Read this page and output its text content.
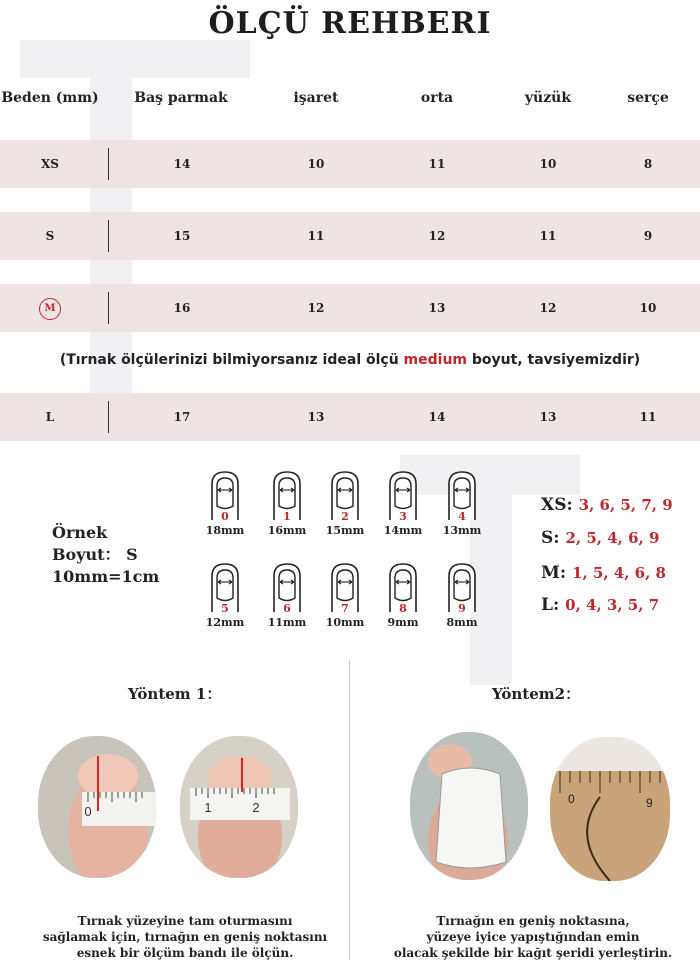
ÖLÇÜ REHBERI
Beden (mm)	Baş parmak	işaret	orta	yüzük	serçe
XS	14	10	11	10	8
S	15	11	12	11	9
M	16	12	13	12	10
(Tırnak ölçülerinizi bilmiyorsanız ideal ölçü medium boyut, tavsiyemizdir)
L	17	13	14	13	11
Örnek
Boyut： S
10mm=1cm
0
18mm
1
16mm
2
15mm
3
14mm
4
13mm
5
12mm
6
11mm
7
10mm
8
9mm
9
8mm
XS: 3, 6, 5, 7, 9
S: 2, 5, 4, 6, 9
M: 1, 5, 4, 6, 8
L: 0, 4, 3, 5, 7
Yöntem 1：
0	1	2
Tırnak yüzeyine tam oturmasını
sağlamak için, tırnağın en geniş noktasını
esnek bir ölçüm bandı ile ölçün.
Yöntem2：
0	9
Tırnağın en geniş noktasına,
yüzeye iyice yapıştığından emin
olacak şekilde bir kağıt şeridi yerleştirin.
